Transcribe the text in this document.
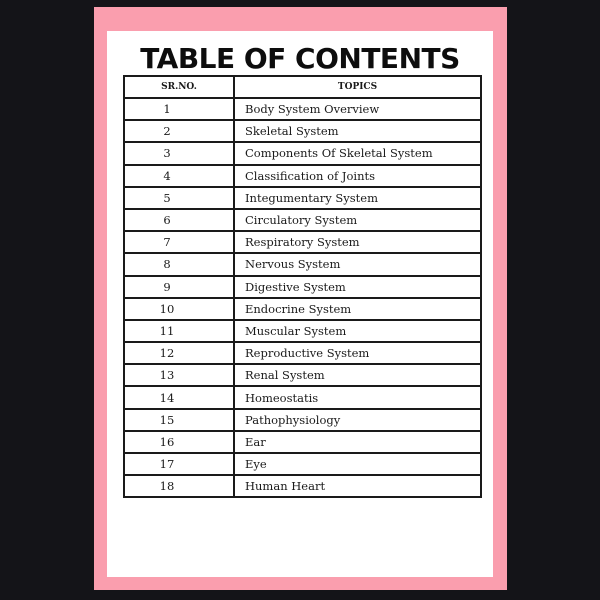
TABLE OF CONTENTS
SR.NO.	TOPICS
1	Body System Overview
2	Skeletal System
3	Components Of Skeletal System
4	Classification of Joints
5	Integumentary System
6	Circulatory System
7	Respiratory System
8	Nervous System
9	Digestive System
10	Endocrine System
11	Muscular System
12	Reproductive System
13	Renal System
14	Homeostatis
15	Pathophysiology
16	Ear
17	Eye
18	Human Heart
